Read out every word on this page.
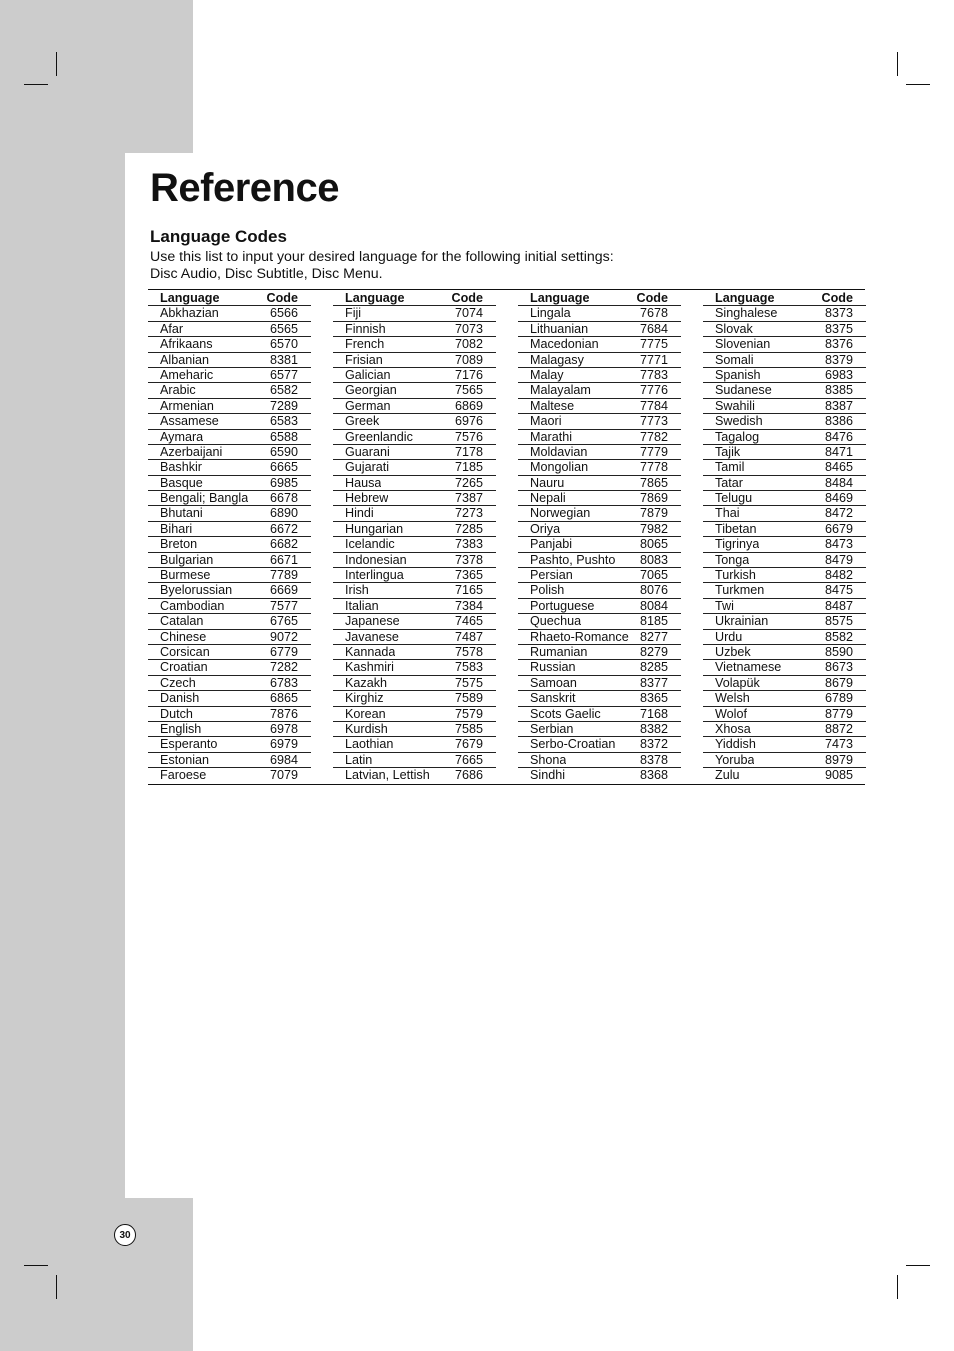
Reference
Language Codes

Use this list to input your desired language for the following initial settings:
Disc Audio, Disc Subtitle, Disc Menu.

Language	Code
Abkhazian	6566
Afar	6565
Afrikaans	6570
Albanian	8381
Ameharic	6577
Arabic	6582
Armenian	7289
Assamese	6583
Aymara	6588
Azerbaijani	6590
Bashkir	6665
Basque	6985
Bengali; Bangla 6678
Bhutani	6890
Bihari	6672
Breton	6682
Bulgarian	6671
Burmese	7789
Byelorussian	6669
Cambodian	7577
Catalan	6765
Chinese	9072
Corsican	6779
Croatian	7282
Czech	6783
Danish	6865
Dutch	7876
English	6978
Esperanto	6979
Estonian	6984
Faroese	7079
Language	Code
Fiji	7074
Finnish	7073
French	7082
Frisian	7089
Galician	7176
Georgian	7565
German	6869
Greek	6976
Greenlandic	7576
Guarani	7178
Gujarati	7185
Hausa	7265
Hebrew	7387
Hindi	7273
Hungarian	7285
Icelandic	7383
Indonesian	7378
Interlingua	7365
Irish	7165
Italian	7384
Japanese	7465
Javanese	7487
Kannada	7578
Kashmiri	7583
Kazakh	7575
Kirghiz	7589
Korean	7579
Kurdish	7585
Laothian	7679
Latin	7665
Latvian, Lettish 7686
Language	Code
Lingala	7678
Lithuanian	7684
Macedonian	7775
Malagasy	7771
Malay	7783
Malayalam	7776
Maltese	7784
Maori	7773
Marathi	7782
Moldavian	7779
Mongolian	7778
Nauru	7865
Nepali	7869
Norwegian	7879
Oriya	7982
Panjabi	8065
Pashto, Pushto 8083
Persian	7065
Polish	8076
Portuguese	8084
Quechua	8185
Rhaeto-Romance 8277
Rumanian	8279
Russian	8285
Samoan	8377
Sanskrit	8365
Scots Gaelic	7168
Serbian	8382
Serbo-Croatian 8372
Shona	8378
Sindhi	8368
Language	Code
Singhalese	8373
Slovak	8375
Slovenian	8376
Somali	8379
Spanish	6983
Sudanese	8385
Swahili	8387
Swedish	8386
Tagalog	8476
Tajik	8471
Tamil	8465
Tatar	8484
Telugu	8469
Thai	8472
Tibetan	6679
Tigrinya	8473
Tonga	8479
Turkish	8482
Turkmen	8475
Twi	8487
Ukrainian	8575
Urdu	8582
Uzbek	8590
Vietnamese	8673
Volapük	8679
Welsh	6789
Wolof	8779
Xhosa	8872
Yiddish	7473
Yoruba	8979
Zulu	9085
30
